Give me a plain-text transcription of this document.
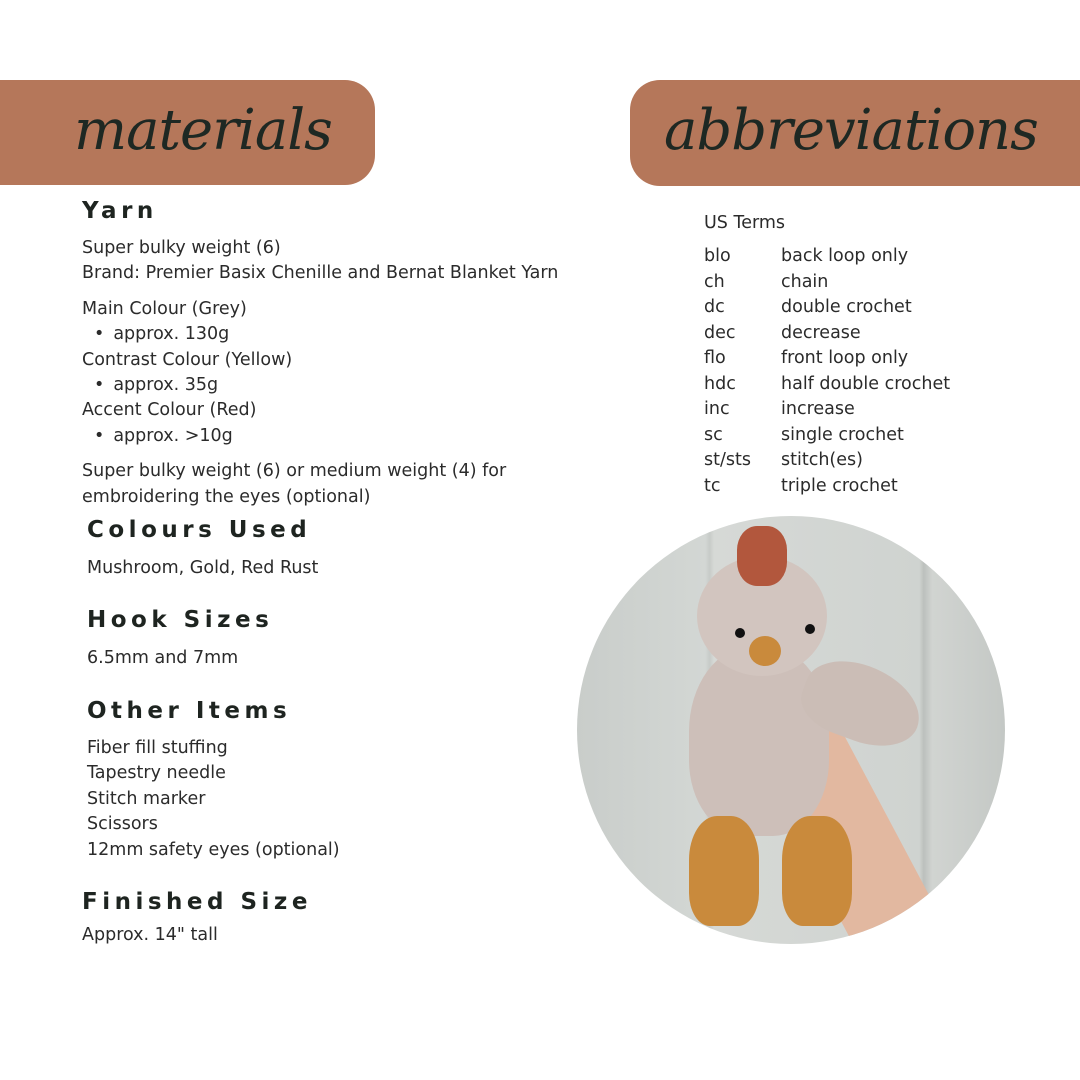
materials	abbreviations
Yarn
Super bulky weight (6)
Brand: Premier Basix Chenille and Bernat Blanket Yarn
Main Colour (Grey)
• approx. 130g
Contrast Colour (Yellow)
• approx. 35g
Accent Colour (Red)
• approx. >10g
Super bulky weight (6) or medium weight (4) for
embroidering the eyes (optional)
Colours Used
Mushroom, Gold, Red Rust
Hook Sizes
6.5mm and 7mm
Other Items
Fiber fill stuffing
Tapestry needle
Stitch marker
Scissors
12mm safety eyes (optional)
Finished Size
Approx. 14" tall
US Terms
blo	back loop only
ch	chain
dc	double crochet
dec	decrease
flo	front loop only
hdc	half double crochet
inc	increase
sc	single crochet
st/sts	stitch(es)
tc	triple crochet
